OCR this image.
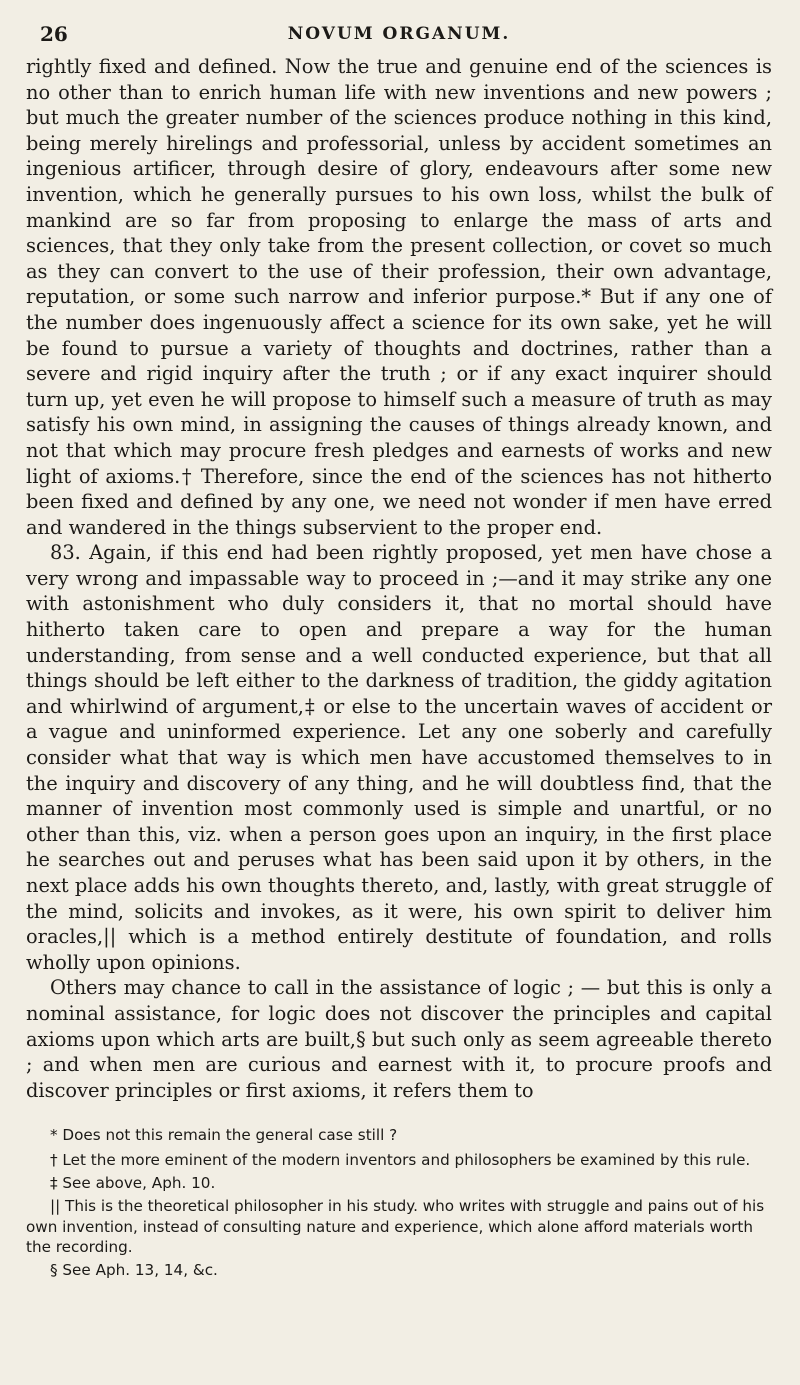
26	NOVUM ORGANUM.

rightly fixed and defined. Now the true and genuine end of the sciences is no other than to enrich human life with new inventions and new powers ; but much the greater number of the sciences produce nothing in this kind, being merely hirelings and professorial, unless by accident sometimes an ingenious artificer, through desire of glory, endeavours after some new invention, which he generally pursues to his own loss, whilst the bulk of mankind are so far from proposing to enlarge the mass of arts and sciences, that they only take from the present collection, or covet so much as they can convert to the use of their profession, their own advantage, reputation, or some such narrow and inferior purpose.* But if any one of the number does ingenuously affect a science for its own sake, yet he will be found to pursue a variety of thoughts and doctrines, rather than a severe and rigid inquiry after the truth ; or if any exact inquirer should turn up, yet even he will propose to himself such a measure of truth as may satisfy his own mind, in assigning the causes of things already known, and not that which may procure fresh pledges and earnests of works and new light of axioms.† Therefore, since the end of the sciences has not hitherto been fixed and defined by any one, we need not wonder if men have erred and wandered in the things subservient to the proper end.

83. Again, if this end had been rightly proposed, yet men have chose a very wrong and impassable way to proceed in ;—and it may strike any one with astonishment who duly considers it, that no mortal should have hitherto taken care to open and prepare a way for the human understanding, from sense and a well conducted experience, but that all things should be left either to the darkness of tradition, the giddy agitation and whirlwind of argument,‡ or else to the uncertain waves of accident or a vague and uninformed experience. Let any one soberly and carefully consider what that way is which men have accustomed themselves to in the inquiry and discovery of any thing, and he will doubtless find, that the manner of invention most commonly used is simple and unartful, or no other than this, viz. when a person goes upon an inquiry, in the first place he searches out and peruses what has been said upon it by others, in the next place adds his own thoughts thereto, and, lastly, with great struggle of the mind, solicits and invokes, as it were, his own spirit to deliver him oracles,|| which is a method entirely destitute of foundation, and rolls wholly upon opinions.

Others may chance to call in the assistance of logic ; — but this is only a nominal assistance, for logic does not discover the principles and capital axioms upon which arts are built,§ but such only as seem agreeable thereto ; and when men are curious and earnest with it, to procure proofs and discover principles or first axioms, it refers them to

* Does not this remain the general case still ?

† Let the more eminent of the modern inventors and philosophers be examined by this rule.

‡ See above, Aph. 10.

|| This is the theoretical philosopher in his study. who writes with struggle and pains out of his own invention, instead of consulting nature and experience, which alone afford materials worth the recording.

§ See Aph. 13, 14, &c.
